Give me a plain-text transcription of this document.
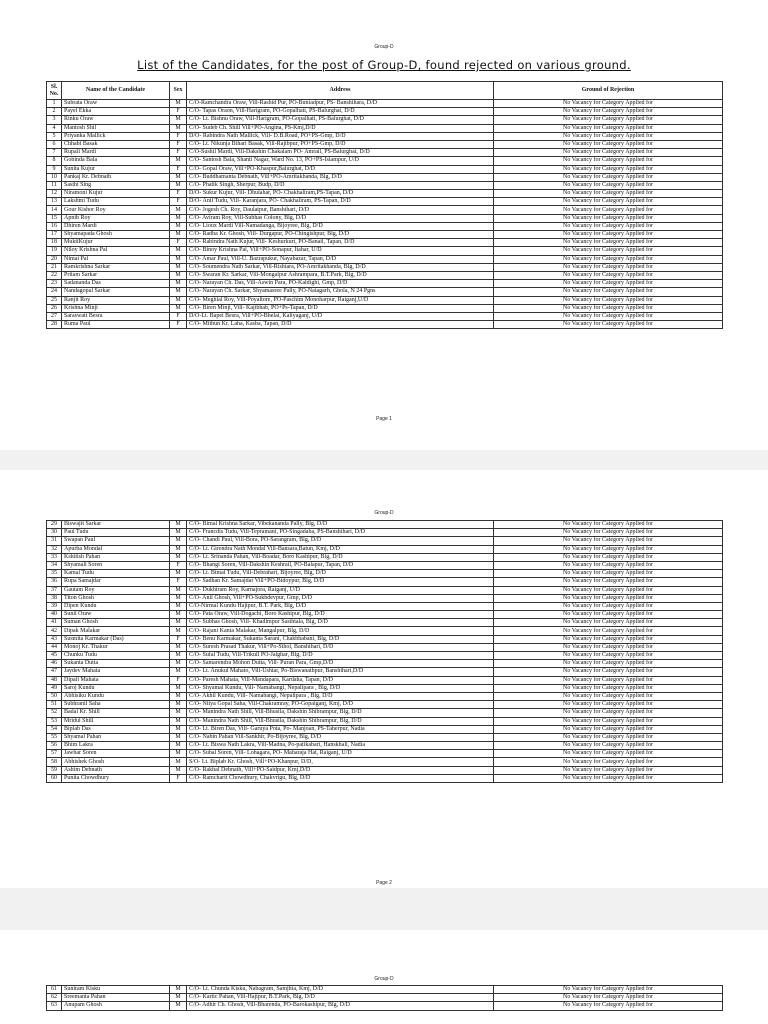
Group-D
List of the Candidates, for the post of Group-D, found rejected on various ground.
Sl. No.	Name of the Candidate	Sex	Address	Ground of Rejection
1	Subrata Oraw	M	C/O-Ramchandra Oraw, Vill-Rashid Pur, PO-Buniadpur, PS- Banshihara, D/D	No Vacancy for Category Applied for
2	Payel Ekka	F	C/O- Tapas Oraon, Vill-Harigram, PO-Gopalhati, PS-Balurghat, D/D	No Vacancy for Category Applied for
3	Rinku Oraw	M	C/O- Lt. Bishnu Oraw, Vill-Harigram, PO-Gopalhati, PS-Balurghat, D/D	No Vacancy for Category Applied for
4	Mantosh Shil	M	C/O- Sudeb Ch. Shill Vill+PO-Angina, PS-Kmj,D/D	No Vacancy for Category Applied for
5	Priyanka Mallick	F	D/O- Rabindra Nath Mallick, Vill- D.B.Road, PO+PS-Gmp, D/D	No Vacancy for Category Applied for
6	Chhabi Basak	F	C/O- Lt. Nikunja Bihari Basak, Vill-Rajibpur, PO+PS-Gmp, D/D	No Vacancy for Category Applied for
7	Rupali Mardi	F	C/O-Sushil Mardi, Vill-Dakshin Chakalam PO- Amrail, PS-Balurghat, D/D	No Vacancy for Category Applied for
8	Gobinda Bala	M	C/O- Santosh Bala, Shanti Nagar, Ward No. 13, PO+PS-Islampur, U/D	No Vacancy for Category Applied for
9	Sunita Kujur	F	C/O- Gopal Oraw, Vill+PO-Khaspur,Balurghat, D/D	No Vacancy for Category Applied for
10	Pankaj Kr. Debnath	M	C/O- Buddhamanta Debnath, Vill+PO-Amritakhanda, Blg, D/D	No Vacancy for Category Applied for
11	Sasthi Sing	M	C/O- Phatik Singh, Sherpur, Budp, D/D	No Vacancy for Category Applied for
12	Niramoni Kujur	F	D/O- Sukur Kujur, Vill- Dhulahar, PO- Chakhaliram,PS-Tapan, D/D	No Vacancy for Category Applied for
13	Lakshmi Tudu	F	D/O- Anil Tudu, Vill- Karanjara, PO- Chakhaliram, PS-Tapan, D/D	No Vacancy for Category Applied for
14	Gour Kishor Roy	M	C/O- Jogesh Ch. Roy, Daulatpur, Banshihari, D/D	No Vacancy for Category Applied for
15	Apnib Roy	M	C/O- Aviram Roy, Vill-Subhas Colony, Blg, D/D	No Vacancy for Category Applied for
16	Dhiren Mardi	M	C/O- Lioux Mardi Vill-Namadanga, Bijoyree, Blg, D/D	No Vacancy for Category Applied for
17	Shyamapada Ghosh	M	C/O- Radha Kr. Ghosh, Vill- Durgapur, PO-Chingishpur, Blg, D/D	No Vacancy for Category Applied for
18	MuktiKujur	F	C/O- Rabindra Nath Kujur, Vill- Keshurkuri, PO-Banail, Tapan, D/D	No Vacancy for Category Applied for
19	Niloy Krishna Pal	M	C/O- Binoy Krishna Pal, Vill+PO-Sonapur, Itahar, U/D	No Vacancy for Category Applied for
20	Nimai Pal	M	C/O- Amar Paul, Vill-U. Bazrapukur, Nayabazar, Tapan, D/D	No Vacancy for Category Applied for
21	Ramkrishna Sarkar	M	C/O- Soumendra Nath Sarkar, Vill-Rishtara, PO-Amritakhanda, Blg, D/D	No Vacancy for Category Applied for
22	Pritam Sarkar	M	C/O- Swaran Kr. Sarkar, Vill-Mongalpur Ashrampara, B.T.Park, Blg, D/D	No Vacancy for Category Applied for
23	Sadananda Das	M	C/O- Narayan Ch. Das, Vill-Aswin Para, PO-Kaldighi, Gmp, D/D	No Vacancy for Category Applied for
24	Nandagopal Sarkar	M	C/O- Narayan Ch. Sarkar, Shyamasree Pally, PO-Natagarh, Ghola, N 24 Pgns	No Vacancy for Category Applied for
25	Ranjit Roy	M	C/O- Meghlal Roy, Vill-Poyaltore, PO-Paschim Monoharpur, Raiganj,U/D	No Vacancy for Category Applied for
26	Krishna Minji	M	C/O- Biren Minji, Vill- Kajibhab, PO+Ps-Tapan, D/D	No Vacancy for Category Applied for
27	Saraswati Besra	F	D/O-Lt. Bapei Besra, Vill+PO-Bhelai, Kaliyaganj, U/D	No Vacancy for Category Applied for
28	Ruma Paul	F	C/O- Mithun Kr. Laha, Kasba, Tapan, D/D	No Vacancy for Category Applied for
Page 1
Group-D
29	Biswajit Sarkar	M	C/O- Bimal Krishna Sarkar, Vibekananda Pally, Blg, D/D	No Vacancy for Category Applied for
30	Paul Tudu	M	C/O- Francdis Tudu, Vill-Tepramani, PO-Singadaba, PS-Banshihari, D/D	No Vacancy for Category Applied for
31	Swapan Paul	M	C/O- Chandi Paul, Vill-Bora, PO-Sarangram, Blg, D/D	No Vacancy for Category Applied for
32	Apurba Mondal	M	C/O- Lt. Girendra Nath Mondal Vill-Bansara,Batun, Kmj, D/D	No Vacancy for Category Applied for
33	Kshitish Pahan	M	C/O- Lt. Srinanda Pahan, Vill-Boadar, Boro Kashipur, Blg, D/D	No Vacancy for Category Applied for
34	Shyamali Soren	F	C/O- Bhangi Soren, Vill-Dakshin Keshrail, PO-Balapur, Tapan, D/D	No Vacancy for Category Applied for
35	Kamal Tudu	M	C/O- Lt. Bimal Tudu, Vill-Debrahari, Bijoyree, Blg, D/D	No Vacancy for Category Applied for
36	Rupa Samajdar	F	C/O- Sadhan Kr. Samajdar Vill+PO-Bidoypur, Blg, D/D	No Vacancy for Category Applied for
37	Gautam Roy	M	C/O- Dukhiram Roy, Karnajora, Raiganj, U/D	No Vacancy for Category Applied for
38	Titon Ghosh	M	C/O- Anil Ghosh, Vill+PO-Sukhdevpur, Gmp, D/D	No Vacancy for Category Applied for
39	Dipen Kundu	M	C/O-Nirmal Kundu Hajipur, B.T. Park, Blg, D/D	No Vacancy for Category Applied for
40	Sunil Oraw	M	C/O- Pata Oraw, Vill-Dogachi, Boro Kashipur, Blg, D/D	No Vacancy for Category Applied for
41	Suman Ghosh	M	C/O- Subhas Ghosh, Vill- Khadimpur Sasthtala, Blg, D/D	No Vacancy for Category Applied for
42	Dipak Malakar	M	C/O- Rajani Kanta Malakar, Mangalpur, Blg, D/D	No Vacancy for Category Applied for
43	Susmita Karmakar (Das)	F	C/O- Benu Karmakar, Sukanta Sarani, Chakbhabani, Blg, D/D	No Vacancy for Category Applied for
44	Monoj Kr. Thakur	M	C/O- Suresh Prasad Thakur, Vill+Po-Sihol, Banshihari, D/D	No Vacancy for Category Applied for
45	Chunku Tudu	M	C/O- Sufal Tudu, Vill-Trikull PO-Jalghar, Blg, D/D	No Vacancy for Category Applied for
46	Sukanta Dutta	M	C/O- Samarendra Mohon Dutta, Vill- Puran Para, Gmp,D/D	No Vacancy for Category Applied for
47	Jaydev Mahata	M	C/O- Lt. Anukul Mahato, Vill-Ushtar, Po-Biswanathpur, Banshihari,D/D	No Vacancy for Category Applied for
48	Dipali Mahata	F	C/O- Paresh Mahata, Vill-Mandapara, Kardaha, Tapan, D/D	No Vacancy for Category Applied for
49	Saroj Kundu	M	C/O- Shyamal Kundu, Vill- Namabangi, Nepalipara , Blg, D/D	No Vacancy for Category Applied for
50	Abhisiku Kundu	M	C/O- Akhil Kundu, Vill- Namabangi, Nepalipara , Blg, D/D	No Vacancy for Category Applied for
51	Subhranil Saha	M	C/O- Nitya Gopal Saha, Vill-Chakramray, PO-Gopalganj, Kmj, D/D	No Vacancy for Category Applied for
52	Badal Kr. Shill	M	C/O- Manindra Nath Shill, Vill-Bhusila, Dakshin Shibrampur, Blg, D/D	No Vacancy for Category Applied for
53	Mridul Shill	M	C/O- Manindra Nath Shill, Vill-Bhusila, Dakshin Shibrampur, Blg, D/D	No Vacancy for Category Applied for
54	Biplab Das	M	C/O- Lt. Biren Das, Vill- Garuya Pota, Po- Manjoan, PS-Taherpur, Nadia	No Vacancy for Category Applied for
55	Shyamal Pahan	M	C/O- Nabin Pahan Vill-Sankhir, Po-Bijoyree, Blg, D/D	No Vacancy for Category Applied for
56	Bhim Lakra	M	C/O- Lt. Biswa Nath Lakra, Vill-Madna, Po-patikabari, Hanskhali, Nadia	No Vacancy for Category Applied for
57	Jawhar Soren	M	C/O- Subal Soren, Vill- Lohagara, PO- Maharaja Hat, Raiganj, U/D	No Vacancy for Category Applied for
58	Abhishek Ghosh	M	S/O- Lt. Biplab Kr. Ghosh, Vill+PO-Khanpur, D/D,	No Vacancy for Category Applied for
59	Ashim Debnath	M	C/O- Rakhal Debnath, Vill+PO-Saidpur, Kmj,D/D	No Vacancy for Category Applied for
60	Punita Chowdhury	F	C/O- Ramcharit Chowdhury, Chakvrigu, Blg, D/D	No Vacancy for Category Applied for
Page 2
Group-D
61	Suniram Kisku	M	C/O- Lt. Chunda Kisku, Nabagram, Samjhia, Kmj, D/D	No Vacancy for Category Applied for
62	Sreemanta Pahan	M	C/O- Kartic Pahan, Vill-Hajipur, B.T.Park, Blg, D/D	No Vacancy for Category Applied for
63	Anupam Ghosh	M	C/O- Adhir Ch. Ghosh, Vill-Bharenda, PO-Barokashipur, Blg, D/D	No Vacancy for Category Applied for
